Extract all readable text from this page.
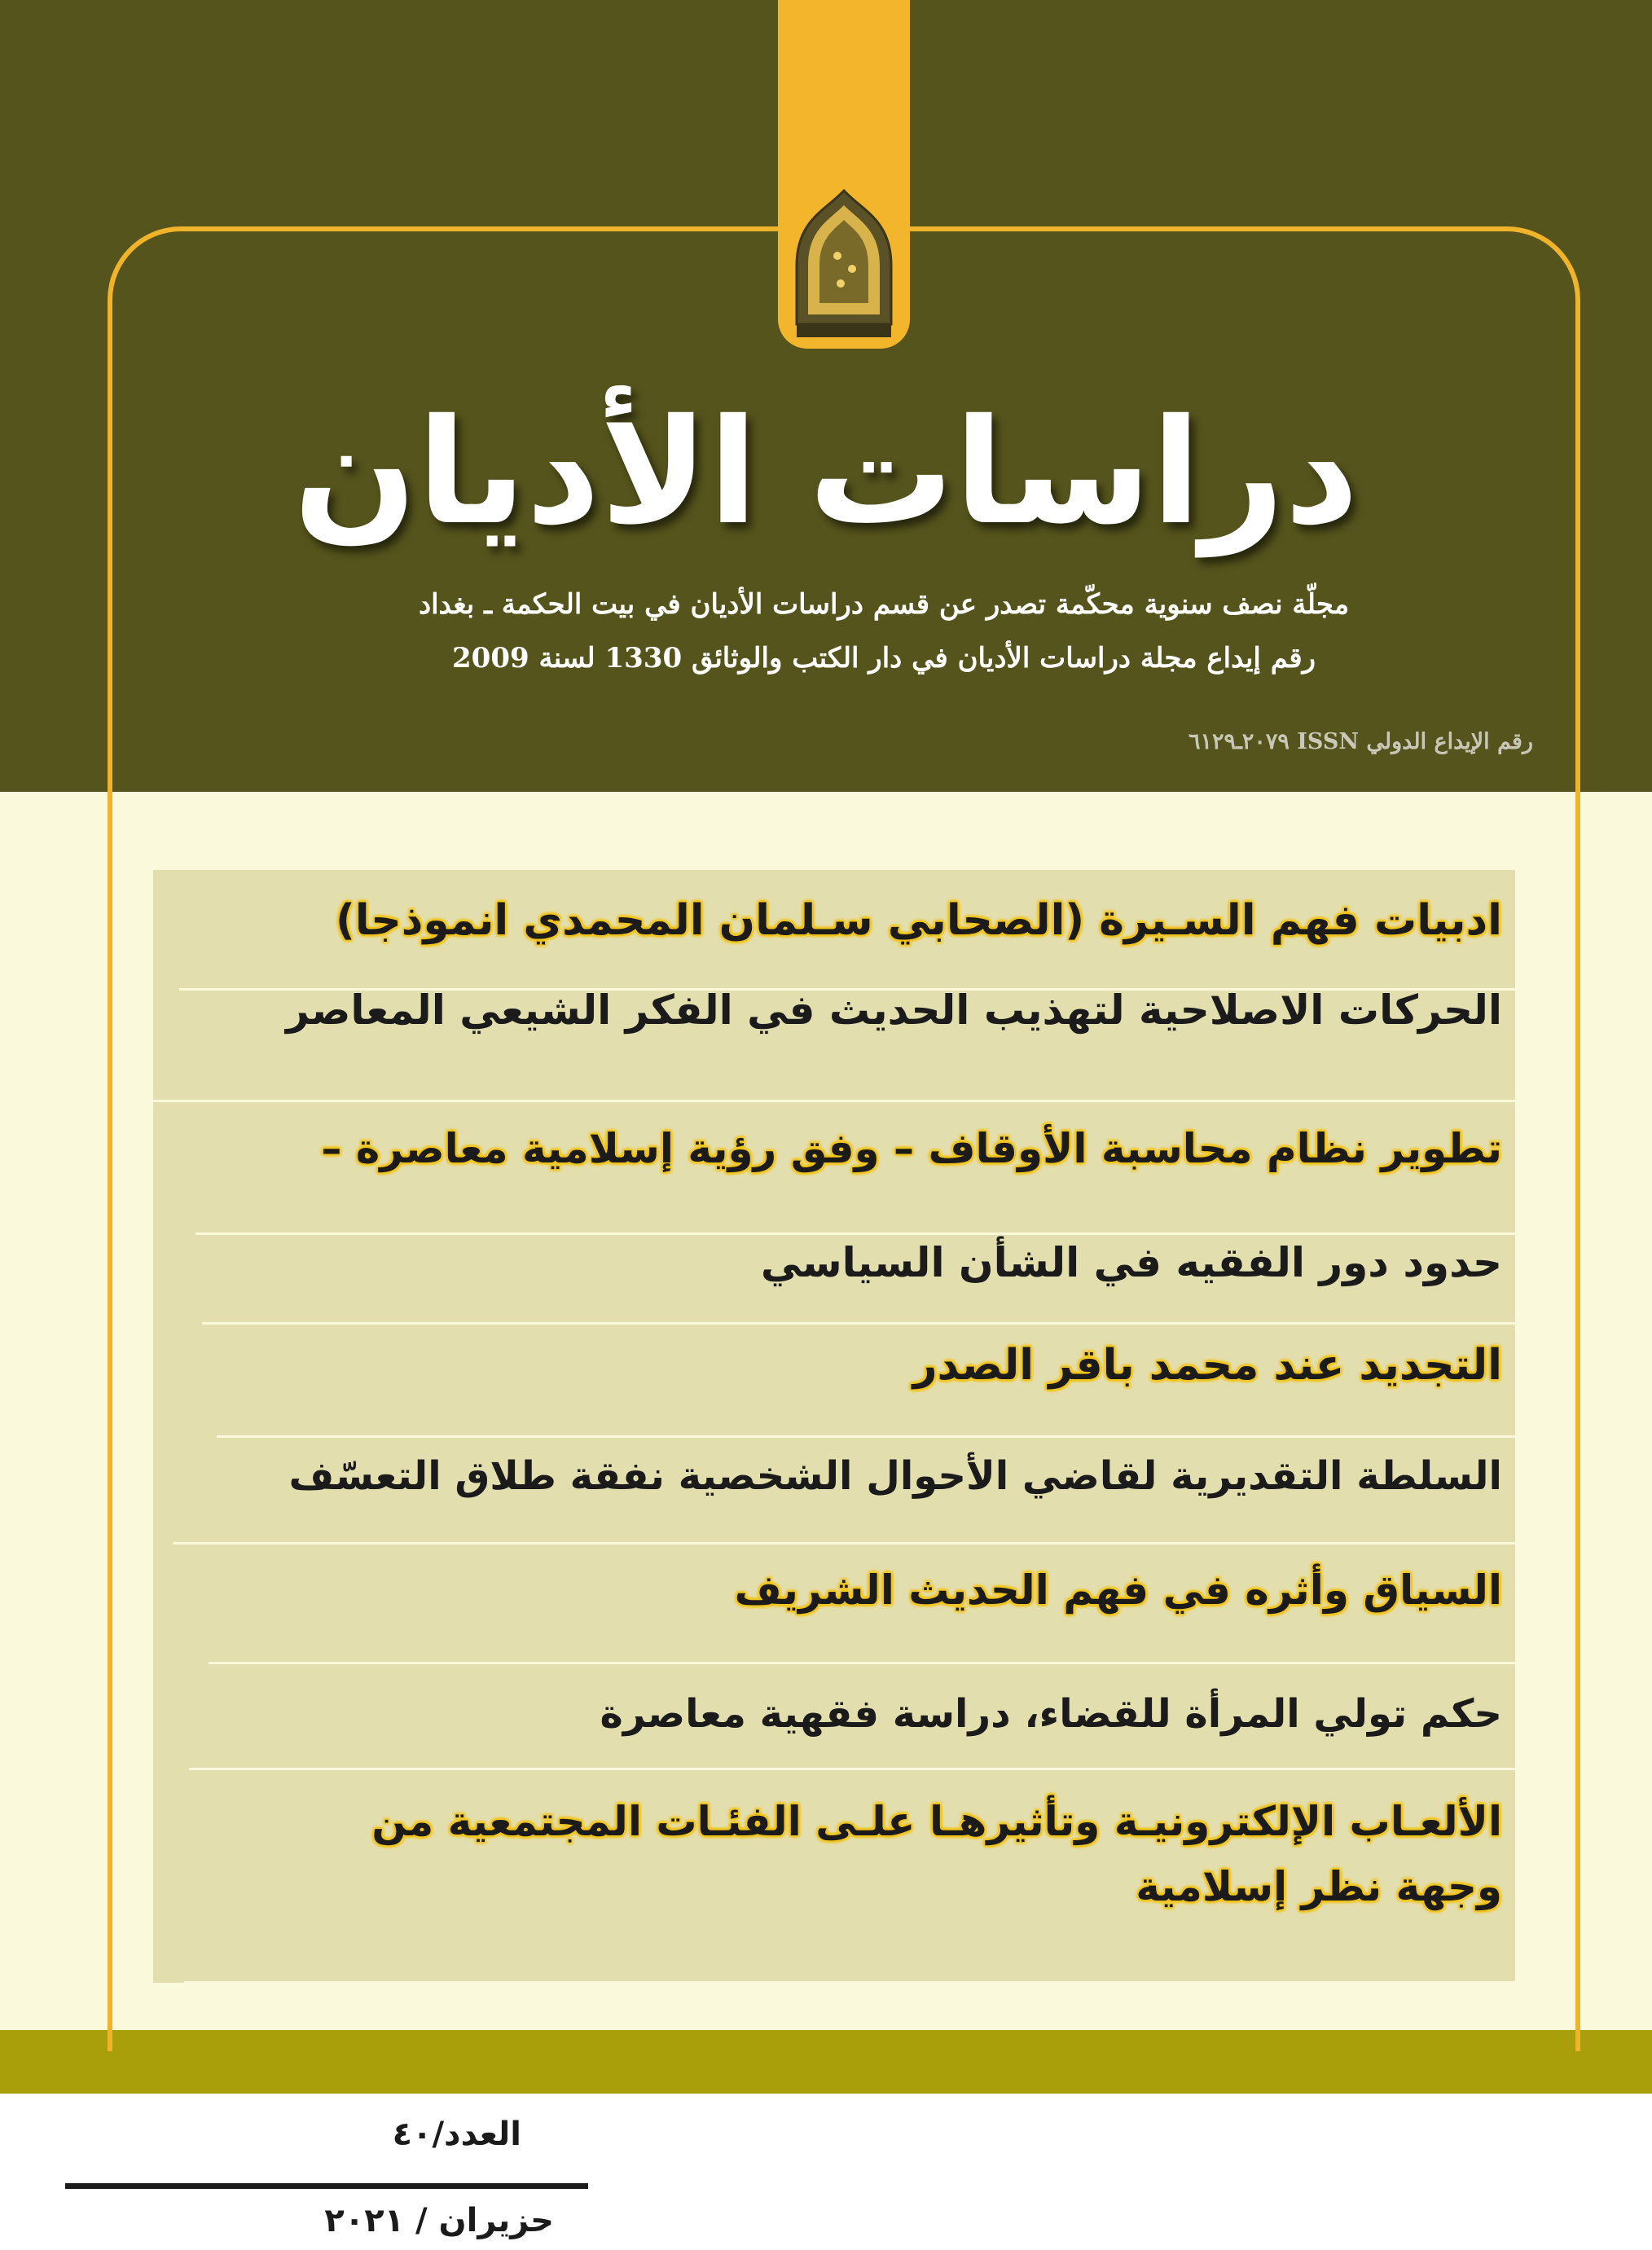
دراسات الأديان
مجلّة نصف سنوية محكّمة تصدر عن قسم دراسات الأديان في بيت الحكمة ـ بغداد
رقم إيداع مجلة دراسات الأديان في دار الكتب والوثائق 1330 لسنة 2009
رقم الإيداع الدولي ISSN ٢٠٧٩ـ٦١٢٩
ادبيات فهم السـيرة (الصحابي سـلمان المحمدي انموذجا)
الحركات الاصلاحية لتهذيب الحديث في الفكر الشيعي المعاصر
تطوير نظام محاسبة الأوقاف – وفق رؤية إسلامية معاصرة –
حدود دور الفقيه في الشأن السياسي
التجديد عند محمد باقر الصدر
السلطة التقديرية لقاضي الأحوال الشخصية نفقة طلاق التعسّف
السياق وأثره في فهم الحديث الشريف
حكم تولي المرأة للقضاء، دراسة فقهية معاصرة
الألعـاب الإلكترونيـة وتأثيرهـا علـى الفئـات المجتمعية من
وجهة نظر إسلامية
العدد/٤٠
حزيران / ٢٠٢١
